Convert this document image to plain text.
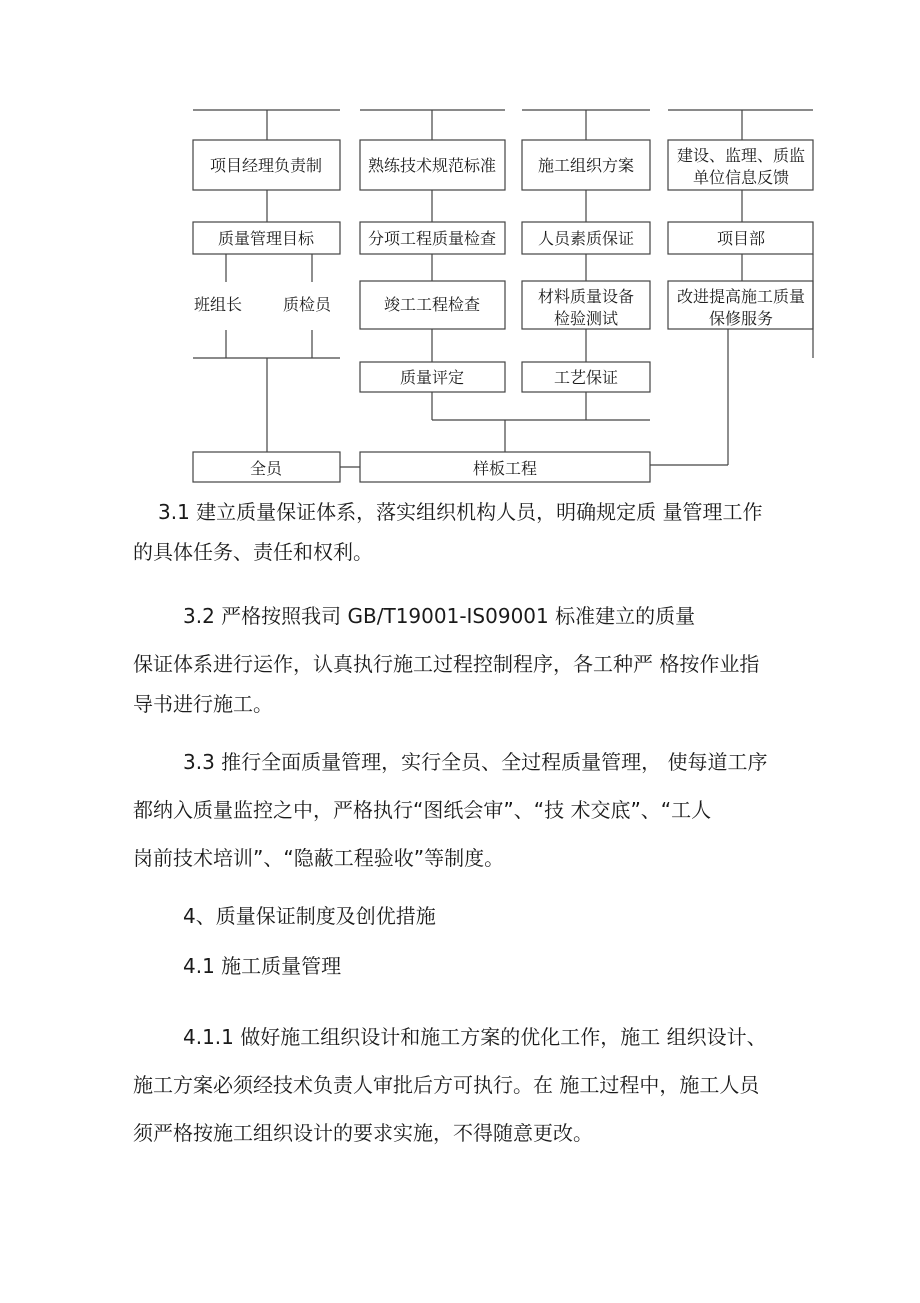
项目经理负责制
质量管理目标
班组长	质检员
熟练技术规范标准
分项工程质量检查
竣工工程检查
质量评定
施工组织方案
人员素质保证
材料质量设备
检验测试
工艺保证
建设、监理、质监
单位信息反馈
项目部
改进提高施工质量
保修服务
全员	样板工程

3.1 建立质量保证体系，落实组织机构人员，明确规定质 量管理工作
的具体任务、责任和权利。

3.2 严格按照我司 GB/T19001-IS09001 标准建立的质量
保证体系进行运作，认真执行施工过程控制程序，各工种严 格按作业指
导书进行施工。

3.3 推行全面质量管理，实行全员、全过程质量管理， 使每道工序
都纳入质量监控之中，严格执行“图纸会审”、“技 术交底”、“工人
岗前技术培训”、“隐蔽工程验收”等制度。

4、质量保证制度及创优措施

4.1 施工质量管理

4.1.1 做好施工组织设计和施工方案的优化工作，施工 组织设计、
施工方案必须经技术负责人审批后方可执行。在 施工过程中，施工人员
须严格按施工组织设计的要求实施，不得随意更改。
